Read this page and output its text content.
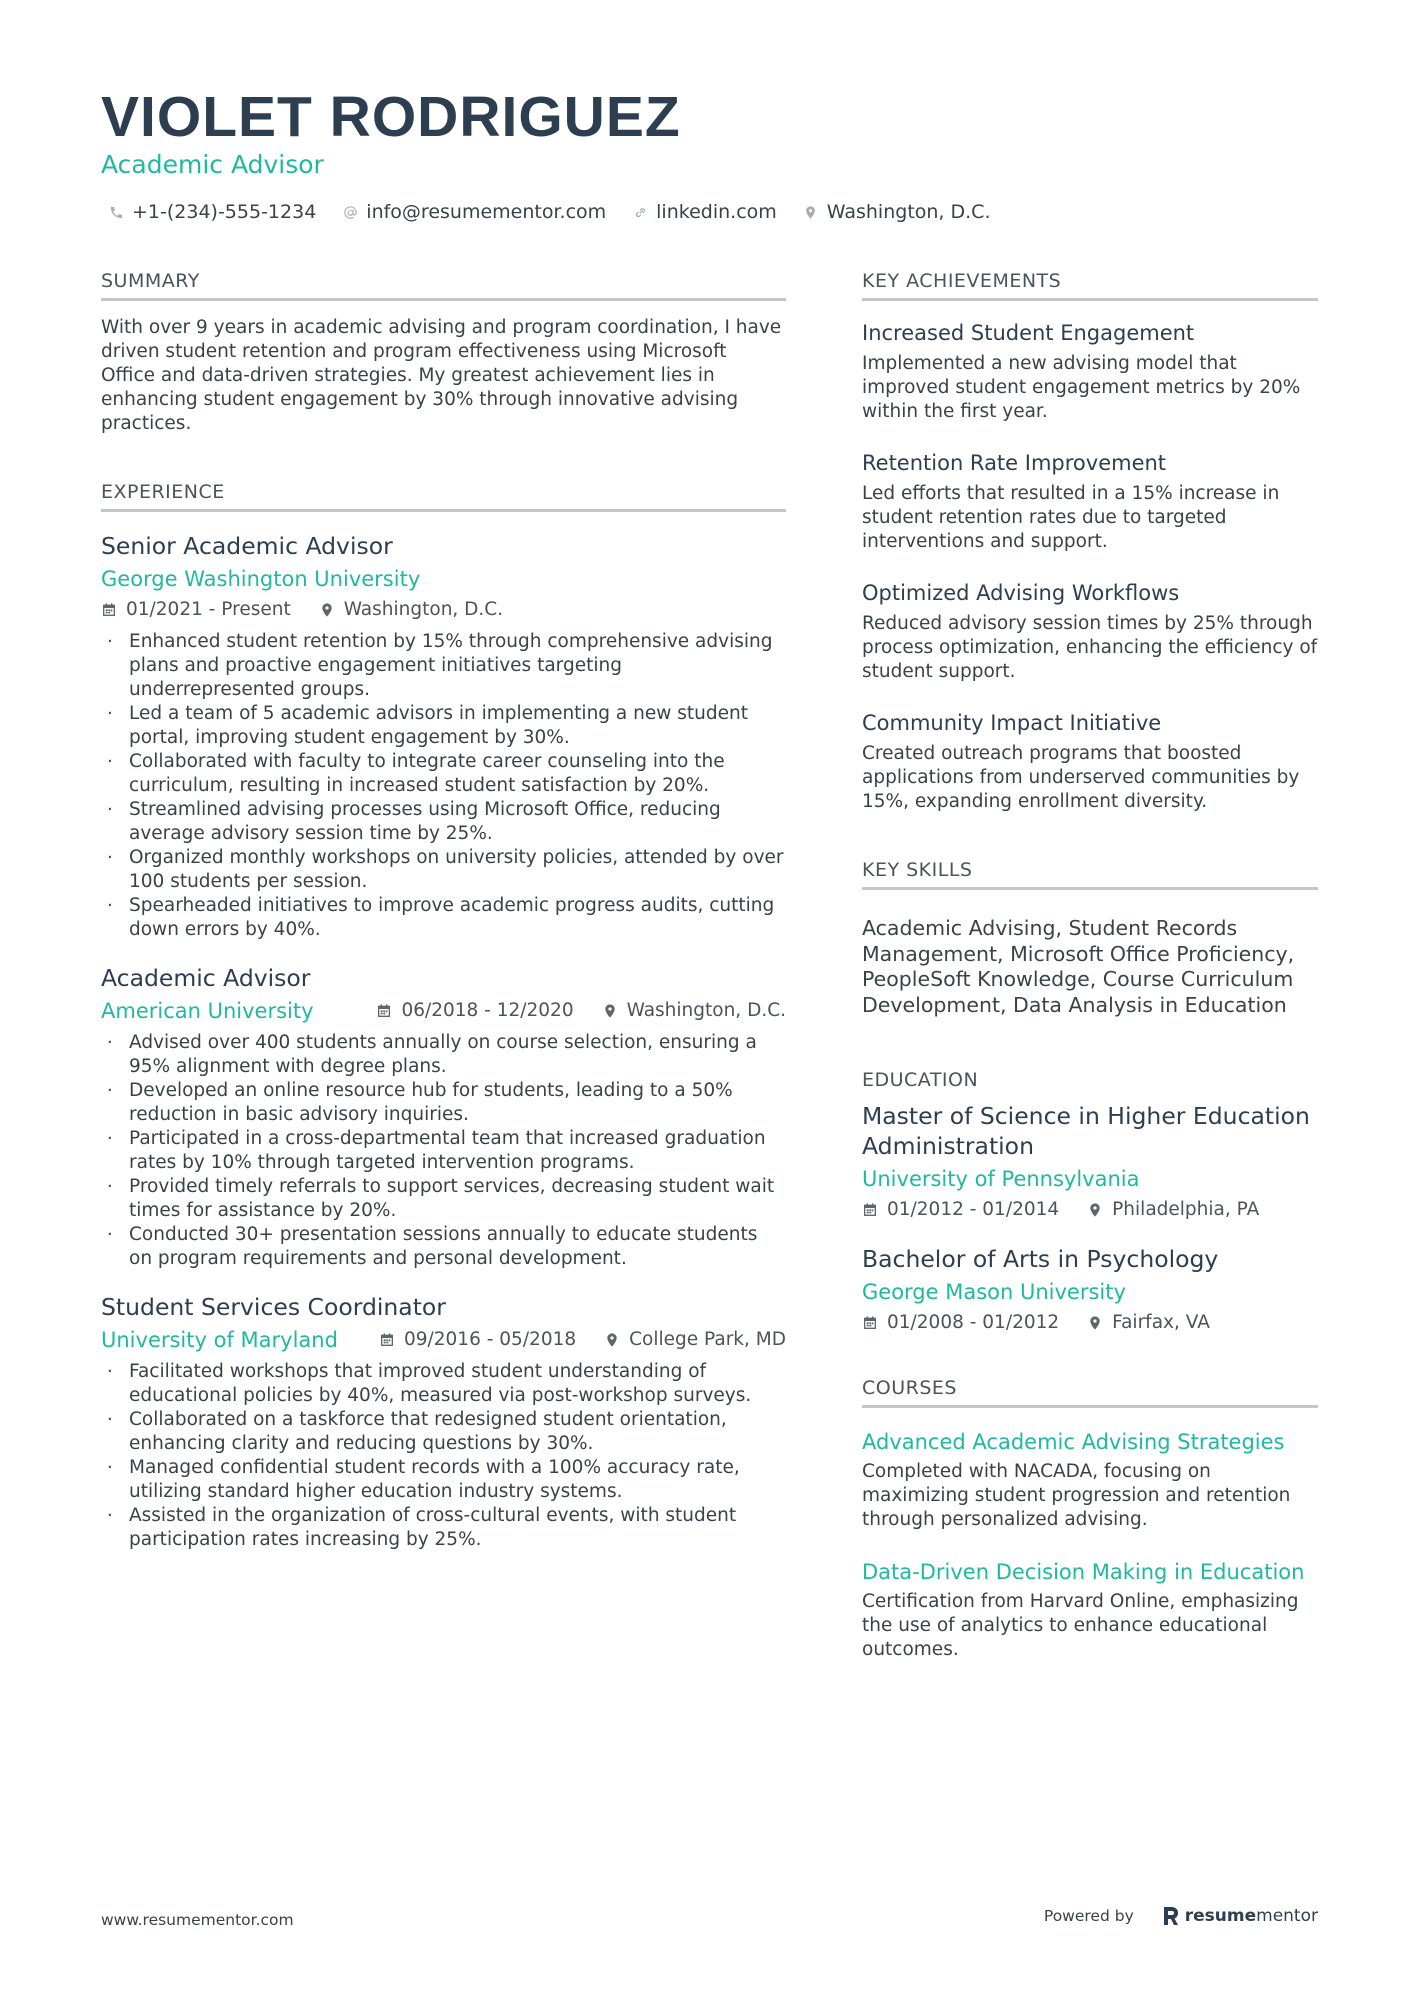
VIOLET RODRIGUEZ
Academic Advisor
+1-(234)-555-1234	info@resumementor.com	linkedin.com	Washington, D.C.
SUMMARY
With over 9 years in academic advising and program coordination, I have driven student retention and program effectiveness using Microsoft Office and data-driven strategies. My greatest achievement lies in enhancing student engagement by 30% through innovative advising practices.
EXPERIENCE
Senior Academic Advisor
George Washington University
01/2021 - Present	Washington, D.C.
· Enhanced student retention by 15% through comprehensive advising plans and proactive engagement initiatives targeting underrepresented groups.
· Led a team of 5 academic advisors in implementing a new student portal, improving student engagement by 30%.
· Collaborated with faculty to integrate career counseling into the curriculum, resulting in increased student satisfaction by 20%.
· Streamlined advising processes using Microsoft Office, reducing average advisory session time by 25%.
· Organized monthly workshops on university policies, attended by over 100 students per session.
· Spearheaded initiatives to improve academic progress audits, cutting down errors by 40%.
Academic Advisor
American University	06/2018 - 12/2020	Washington, D.C.
· Advised over 400 students annually on course selection, ensuring a 95% alignment with degree plans.
· Developed an online resource hub for students, leading to a 50% reduction in basic advisory inquiries.
· Participated in a cross-departmental team that increased graduation rates by 10% through targeted intervention programs.
· Provided timely referrals to support services, decreasing student wait times for assistance by 20%.
· Conducted 30+ presentation sessions annually to educate students on program requirements and personal development.
Student Services Coordinator
University of Maryland	09/2016 - 05/2018	College Park, MD
· Facilitated workshops that improved student understanding of educational policies by 40%, measured via post-workshop surveys.
· Collaborated on a taskforce that redesigned student orientation, enhancing clarity and reducing questions by 30%.
· Managed confidential student records with a 100% accuracy rate, utilizing standard higher education industry systems.
· Assisted in the organization of cross-cultural events, with student participation rates increasing by 25%.
KEY ACHIEVEMENTS
Increased Student Engagement
Implemented a new advising model that improved student engagement metrics by 20% within the first year.
Retention Rate Improvement
Led efforts that resulted in a 15% increase in student retention rates due to targeted interventions and support.
Optimized Advising Workflows
Reduced advisory session times by 25% through process optimization, enhancing the efficiency of student support.
Community Impact Initiative
Created outreach programs that boosted applications from underserved communities by 15%, expanding enrollment diversity.
KEY SKILLS
Academic Advising, Student Records Management, Microsoft Office Proficiency, PeopleSoft Knowledge, Course Curriculum Development, Data Analysis in Education
EDUCATION
Master of Science in Higher Education Administration
University of Pennsylvania
01/2012 - 01/2014	Philadelphia, PA
Bachelor of Arts in Psychology
George Mason University
01/2008 - 01/2012	Fairfax, VA
COURSES
Advanced Academic Advising Strategies
Completed with NACADA, focusing on maximizing student progression and retention through personalized advising.
Data-Driven Decision Making in Education
Certification from Harvard Online, emphasizing the use of analytics to enhance educational outcomes.
www.resumementor.com	Powered by	resume mentor
